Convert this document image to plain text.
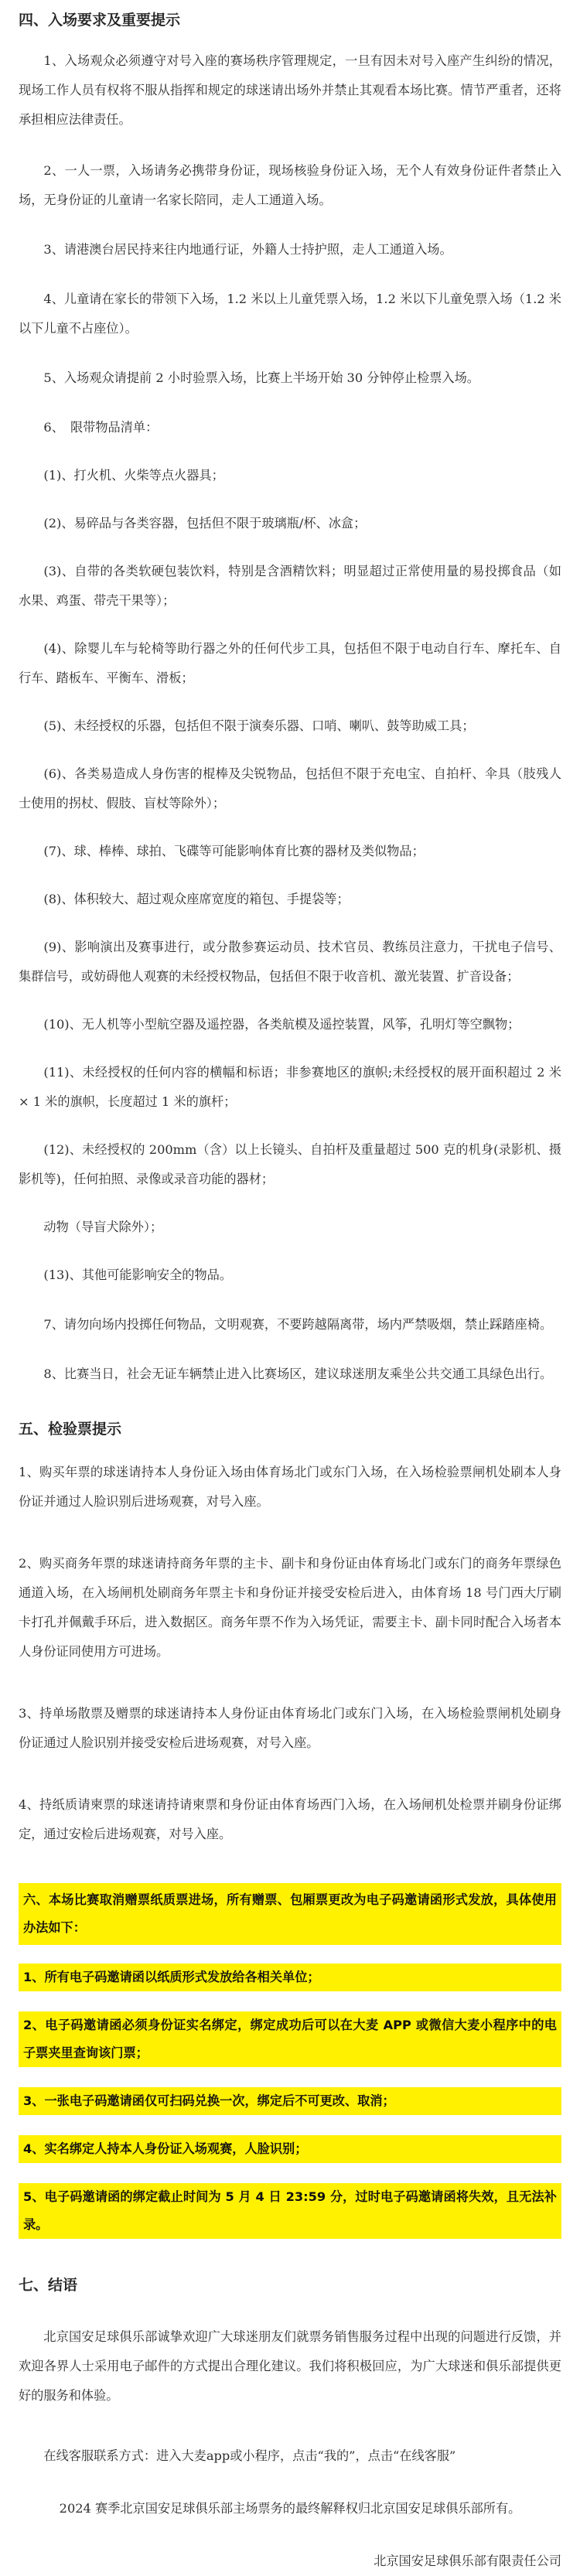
四、入场要求及重要提示

1、入场观众必须遵守对号入座的赛场秩序管理规定，一旦有因未对号入座产生纠纷的情况，现场工作人员有权将不服从指挥和规定的球迷请出场外并禁止其观看本场比赛。情节严重者，还将承担相应法律责任。

2、一人一票，入场请务必携带身份证，现场核验身份证入场，无个人有效身份证件者禁止入场，无身份证的儿童请一名家长陪同，走人工通道入场。

3、请港澳台居民持来往内地通行证，外籍人士持护照，走人工通道入场。

4、儿童请在家长的带领下入场，1.2 米以上儿童凭票入场，1.2 米以下儿童免票入场（1.2 米以下儿童不占座位）。

5、入场观众请提前 2 小时验票入场，比赛上半场开始 30 分钟停止检票入场。

6、　限带物品清单：

(1)、打火机、火柴等点火器具；

(2)、易碎品与各类容器，包括但不限于玻璃瓶/杯、冰盒；

(3)、自带的各类软硬包装饮料，特别是含酒精饮料；明显超过正常使用量的易投掷食品（如水果、鸡蛋、带壳干果等）；

(4)、除婴儿车与轮椅等助行器之外的任何代步工具，包括但不限于电动自行车、摩托车、自行车、踏板车、平衡车、滑板；

(5)、未经授权的乐器，包括但不限于演奏乐器、口哨、喇叭、鼓等助威工具；

(6)、各类易造成人身伤害的棍棒及尖锐物品，包括但不限于充电宝、自拍杆、伞具（肢残人士使用的拐杖、假肢、盲杖等除外）；

(7)、球、棒棒、球拍、飞碟等可能影响体育比赛的器材及类似物品；

(8)、体积较大、超过观众座席宽度的箱包、手提袋等；

(9)、影响演出及赛事进行，或分散参赛运动员、技术官员、教练员注意力，干扰电子信号、集群信号，或妨碍他人观赛的未经授权物品，包括但不限于收音机、激光装置、扩音设备；

(10)、无人机等小型航空器及遥控器，各类航模及遥控装置，风筝，孔明灯等空飘物；

(11)、未经授权的任何内容的横幅和标语；非参赛地区的旗帜;未经授权的展开面积超过 2 米× 1 米的旗帜，长度超过 1 米的旗杆；

(12)、未经授权的 200mm（含）以上长镜头、自拍杆及重量超过 500 克的机身(录影机、摄影机等)，任何拍照、录像或录音功能的器材；

动物（导盲犬除外）；

(13)、其他可能影响安全的物品。

7、请勿向场内投掷任何物品，文明观赛，不要跨越隔离带，场内严禁吸烟，禁止踩踏座椅。

8、比赛当日，社会无证车辆禁止进入比赛场区，建议球迷朋友乘坐公共交通工具绿色出行。

五、检验票提示

1、购买年票的球迷请持本人身份证入场由体育场北门或东门入场，在入场检验票闸机处刷本人身份证并通过人脸识别后进场观赛，对号入座。

2、购买商务年票的球迷请持商务年票的主卡、副卡和身份证由体育场北门或东门的商务年票绿色通道入场，在入场闸机处刷商务年票主卡和身份证并接受安检后进入，由体育场 18 号门西大厅刷卡打孔并佩戴手环后，进入数据区。商务年票不作为入场凭证，需要主卡、副卡同时配合入场者本人身份证同使用方可进场。

3、持单场散票及赠票的球迷请持本人身份证由体育场北门或东门入场，在入场检验票闸机处刷身份证通过人脸识别并接受安检后进场观赛，对号入座。

4、持纸质请柬票的球迷请持请柬票和身份证由体育场西门入场，在入场闸机处检票并刷身份证绑定，通过安检后进场观赛，对号入座。

六、本场比赛取消赠票纸质票进场，所有赠票、包厢票更改为电子码邀请函形式发放，具体使用办法如下：

1、所有电子码邀请函以纸质形式发放给各相关单位；

2、电子码邀请函必须身份证实名绑定，绑定成功后可以在大麦 APP 或微信大麦小程序中的电子票夹里查询该门票；

3、一张电子码邀请函仅可扫码兑换一次，绑定后不可更改、取消；

4、实名绑定人持本人身份证入场观赛，人脸识别；

5、电子码邀请函的绑定截止时间为 5 月 4 日 23:59 分，过时电子码邀请函将失效，且无法补录。

七、结语

北京国安足球俱乐部诚挚欢迎广大球迷朋友们就票务销售服务过程中出现的问题进行反馈，并欢迎各界人士采用电子邮件的方式提出合理化建议。我们将积极回应，为广大球迷和俱乐部提供更好的服务和体验。

在线客服联系方式：进入大麦app或小程序，点击“我的”，点击“在线客服”

2024 赛季北京国安足球俱乐部主场票务的最终解释权归北京国安足球俱乐部所有。

北京国安足球俱乐部有限责任公司
